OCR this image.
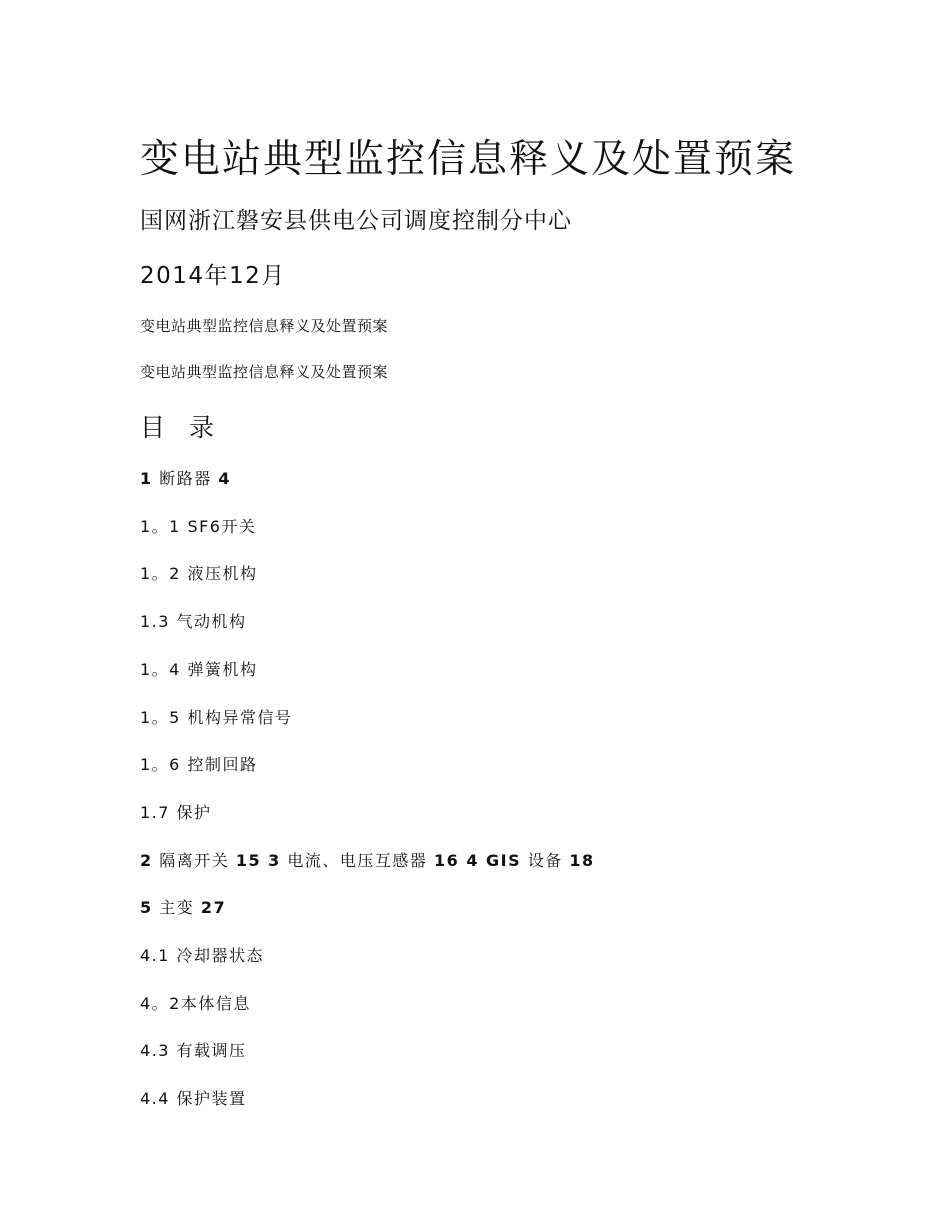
变电站典型监控信息释义及处置预案
国网浙江磐安县供电公司调度控制分中心
2014年12月
变电站典型监控信息释义及处置预案
变电站典型监控信息释义及处置预案
目 录
1 断路器 4
1。1 SF6开关
1。2 液压机构
1.3 气动机构
1。4 弹簧机构
1。5 机构异常信号
1。6 控制回路
1.7 保护
2 隔离开关 15 3 电流、电压互感器 16 4 GIS 设备 18
5 主变 27
4.1 冷却器状态
4。2本体信息
4.3 有载调压
4.4 保护装置
